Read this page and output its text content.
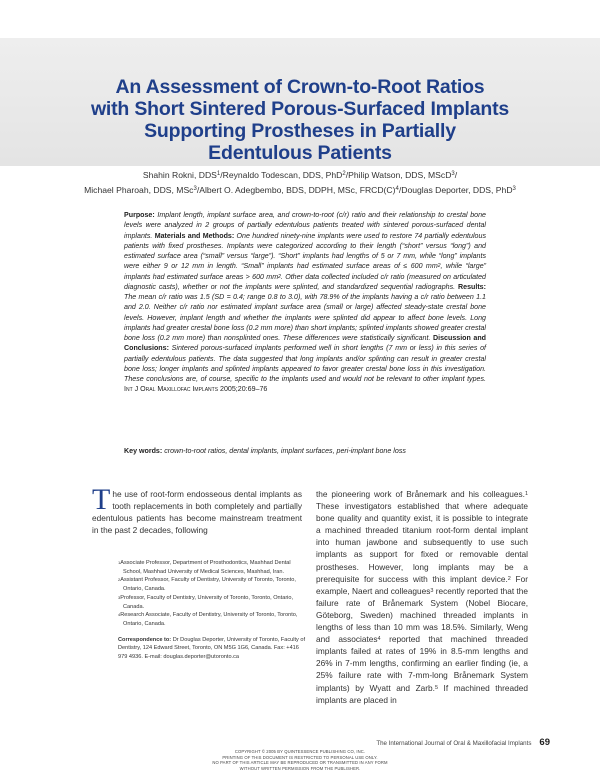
An Assessment of Crown-to-Root Ratios
with Short Sintered Porous-Surfaced Implants
Supporting Prostheses in Partially
Edentulous Patients
Shahin Rokni, DDS$^1$/Reynaldo Todescan, DDS, PhD$^2$/Philip Watson, DDS, MScD$^3$/
Michael Pharoah, DDS, MSc$^3$/Albert O. Adegbembo, BDS, DDPH, MSc, $FRCD(C)^4$/Douglas Deporter, DDS, PhD$^3$

Purpose: Implant length, implant surface area, and crown-to-root (c/r) ratio and their relationship to crestal bone levels were analyzed in 2 groups of partially edentulous patients treated with sintered porous-surfaced dental implants. Materials and Methods: One hundred ninety-nine implants were used to restore 74 partially edentulous patients with fixed prostheses. Implants were categorized according to their length (“short” versus “long”) and estimated surface area (“small” versus “large”). “Short” implants had lengths of 5 or 7 mm, while “long” implants were either 9 or 12 mm in length. “Small” implants had estimated surface areas of ≤ 600 $mm^2$, while “large” implants had estimated surface areas > 600 $mm^2$. Other data collected included c/r ratio (measured on articulated diagnostic casts), whether or not the implants were splinted, and standardized sequential radiographs. Results: The mean c/r ratio was 1.5 (SD = 0.4; range 0.8 to 3.0), with 78.9% of the implants having a c/r ratio between 1.1 and 2.0. Neither c/r ratio nor estimated implant surface area (small or large) affected steady-state crestal bone levels. However, implant length and whether the implants were splinted did appear to affect bone levels. Long implants had greater crestal bone loss (0.2 mm more) than short implants; splinted implants showed greater crestal bone loss (0.2 mm more) than nonsplinted ones. These differences were statistically significant. Discussion and Conclusions: Sintered porous-surfaced implants performed well in short lengths (7 mm or less) in this series of partially edentulous patients. The data suggested that long implants and/or splinting can result in greater crestal bone loss; longer implants and splinted implants appeared to favor greater crestal bone loss in this investigation. These conclusions are, of course, specific to the implants used and would not be relevant to other implant types. Int J Oral Maxillofac Implants 2005;20:69–76

Key words: crown-to-root ratios, dental implants, implant surfaces, peri-implant bone loss

The use of root-form endosseous dental implants as tooth replacements in both completely and partially edentulous patients has become mainstream treatment in the past 2 decades, following

the pioneering work of Brånemark and his colleagues.$^1$ These investigators established that where adequate bone quality and quantity exist, it is possible to integrate a machined threaded titanium root-form dental implant into human jawbone and subsequently to use such implants as support for fixed or removable dental prostheses. However, long implants may be a prerequisite for success with this implant device.$^2$ For example, Naert and colleagues$^3$ recently reported that the failure rate of Brånemark System (Nobel Biocare, Göteborg, Sweden) machined threaded implants in lengths of less than 10 mm was 18.5%. Similarly, Weng and associates$^4$ reported that machined threaded implants failed at rates of 19% in 8.5-mm lengths and 26% in 7-mm lengths, confirming an earlier finding (ie, a 25% failure rate with 7-mm-long Brånemark System implants) by Wyatt and Zarb.$^5$ If machined threaded implants are placed in

$^1$Associate Professor, Department of Prosthodontics, Mashhad Dental School, Mashhad University of Medical Sciences, Mashhad, Iran.

$^2$Assistant Professor, Faculty of Dentistry, University of Toronto, Toronto, Ontario, Canada.

$^3$Professor, Faculty of Dentistry, University of Toronto, Toronto, Ontario, Canada.

$^4$Research Associate, Faculty of Dentistry, University of Toronto, Toronto, Ontario, Canada.

Correspondence to: Dr Douglas Deporter, University of Toronto, Faculty of Dentistry, 124 Edward Street, Toronto, ON M5G 1G6, Canada. Fax: +416 979 4936. E-mail: douglas.deporter@utoronto.ca

The International Journal of Oral & Maxillofacial Implants 69
COPYRIGHT © 2005 BY QUINTESSENCE PUBLISHING CO, INC.
PRINTING OF THIS DOCUMENT IS RESTRICTED TO PERSONAL USE ONLY.
NO PART OF THIS ARTICLE MAY BE REPRODUCED OR TRANSMITTED IN ANY FORM
WITHOUT WRITTEN PERMISSION FROM THE PUBLISHER.
